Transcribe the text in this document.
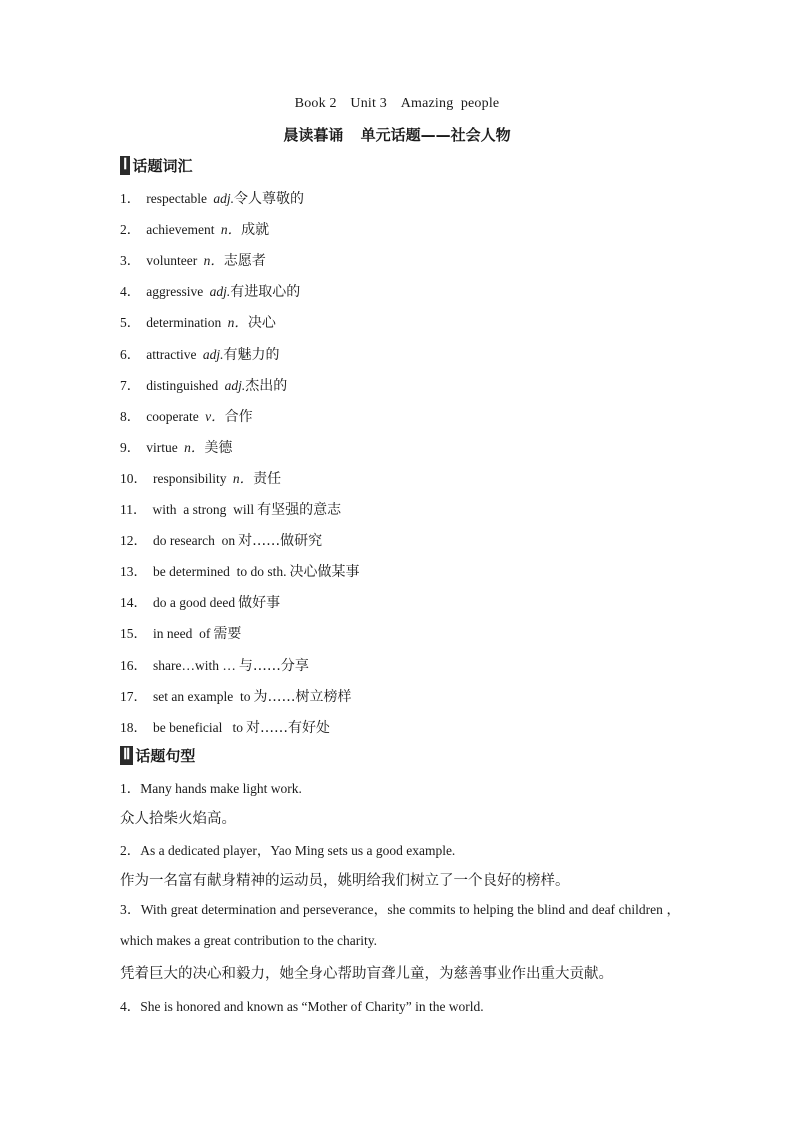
Book 2 Unit 3 Amazing  people
晨读暮诵 单元话题——社会人物
Ⅰ 话题词汇
1． respectable adj.令人尊敬的
2． achievement n．成就
3． volunteer n．志愿者
4． aggressive adj.有进取心的
5． determination n．决心
6． attractive adj.有魅力的
7． distinguished adj.杰出的
8． cooperate v．合作
9． virtue n．美德
10． responsibility n．责任
11． with  a strong  will 有坚强的意志
12． do research  on 对……做研究
13． be determined  to do sth. 决心做某事
14． do a good deed 做好事
15． in need  of 需要
16． share…with … 与……分享
17． set an example  to 为……树立榜样
18． be beneficial   to 对……有好处
Ⅱ 话题句型
1．Many hands make light work.
众人拾柴火焰高。
2．As a dedicated player，Yao Ming sets us a good example.
作为一名富有献身精神的运动员，姚明给我们树立了一个良好的榜样。
3．With great determination and perseverance，she commits to helping the blind and deaf children ，which makes a great contribution to the charity.
凭着巨大的决心和毅力，她全身心帮助盲聋儿童，为慈善事业作出重大贡献。
4．She is honored and known as “Mother of Charity” in the world.
